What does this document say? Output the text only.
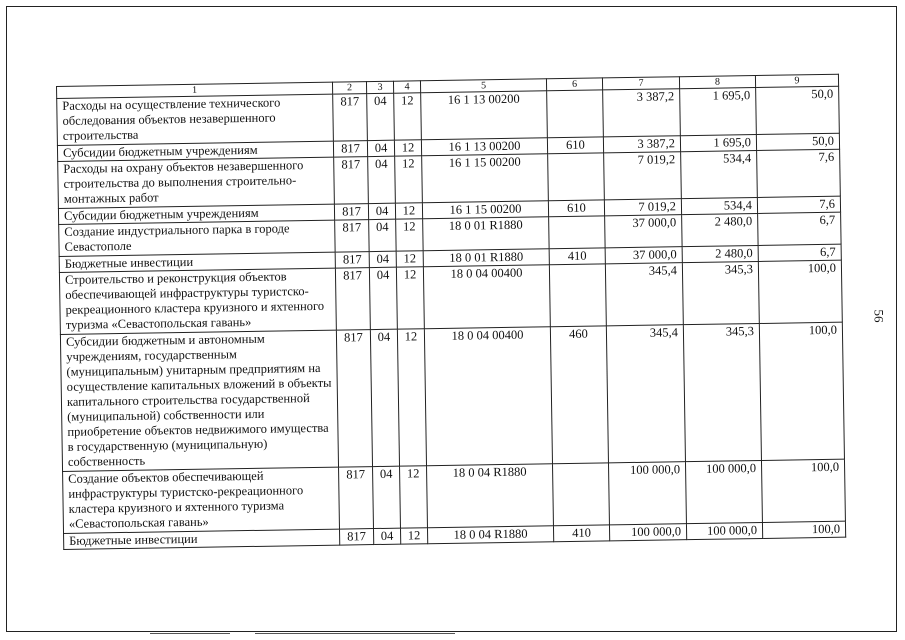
1	2	3	4	5	6	7	8	9
Расходы на осуществление технического обследования объектов незавершенного строительства	817	04	12	16 1 13 00200		3 387,2	1 695,0	50,0
Субсидии бюджетным учреждениям	817	04	12	16 1 13 00200	610	3 387,2	1 695,0	50,0
Расходы на охрану объектов незавершенного строительства до выполнения строительно-монтажных работ	817	04	12	16 1 15 00200		7 019,2	534,4	7,6
Субсидии бюджетным учреждениям	817	04	12	16 1 15 00200	610	7 019,2	534,4	7,6
Создание индустриального парка в городе Севастополе	817	04	12	18 0 01 R1880		37 000,0	2 480,0	6,7
Бюджетные инвестиции	817	04	12	18 0 01 R1880	410	37 000,0	2 480,0	6,7
Строительство и реконструкция объектов обеспечивающей инфраструктуры туристско-рекреационного кластера круизного и яхтенного туризма «Севастопольская гавань»	817	04	12	18 0 04 00400		345,4	345,3	100,0
Субсидии бюджетным и автономным учреждениям, государственным (муниципальным) унитарным предприятиям на осуществление капитальных вложений в объекты капитального строительства государственной (муниципальной) собственности или приобретение объектов недвижимого имущества в государственную (муниципальную) собственность	817	04	12	18 0 04 00400	460	345,4	345,3	100,0
Создание объектов обеспечивающей инфраструктуры туристско-рекреационного кластера круизного и яхтенного туризма «Севастопольская гавань»	817	04	12	18 0 04 R1880		100 000,0	100 000,0	100,0
Бюджетные инвестиции	817	04	12	18 0 04 R1880	410	100 000,0	100 000,0	100,0
56
